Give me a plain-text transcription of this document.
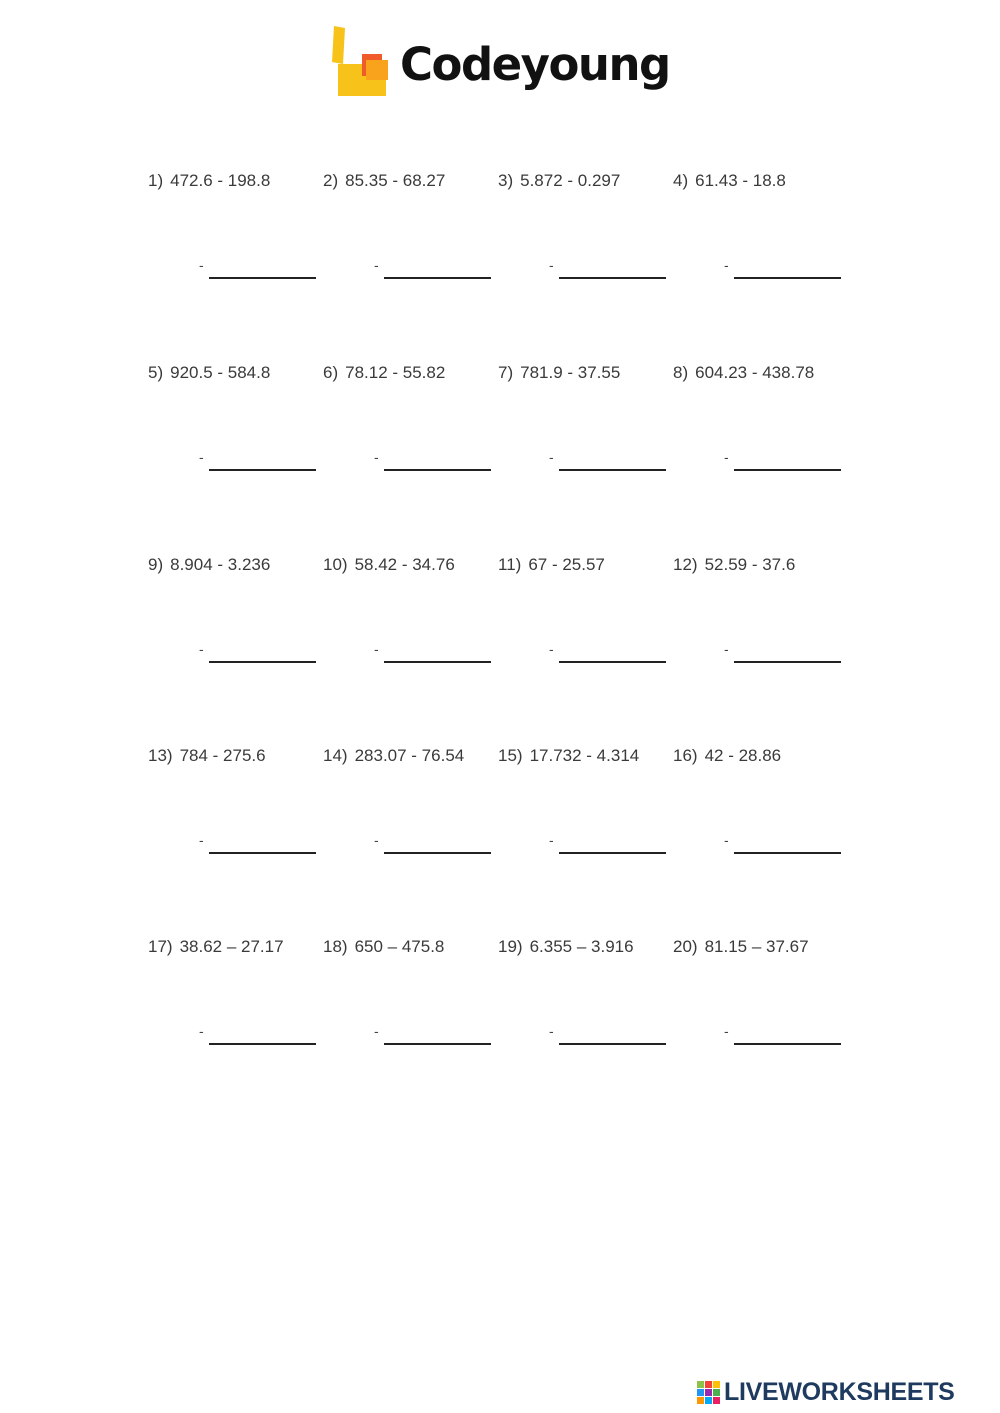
Codeyoung
1) 472.6 - 198.8
-
2) 85.35 - 68.27
-
3) 5.872 - 0.297
-
4) 61.43 - 18.8
-
5) 920.5 - 584.8
-
6) 78.12 - 55.82
-
7) 781.9 - 37.55
-
8) 604.23 - 438.78
-
9) 8.904 - 3.236
-
10) 58.42 - 34.76
-
11) 67 - 25.57
-
12) 52.59 - 37.6
-
13) 784 - 275.6
-
14) 283.07 - 76.54
-
15) 17.732 - 4.314
-
16) 42 - 28.86
-
17) 38.62 – 27.17
-
18) 650 – 475.8
-
19) 6.355 – 3.916
-
20) 81.15 – 37.67
-
LIVEWORKSHEETS
